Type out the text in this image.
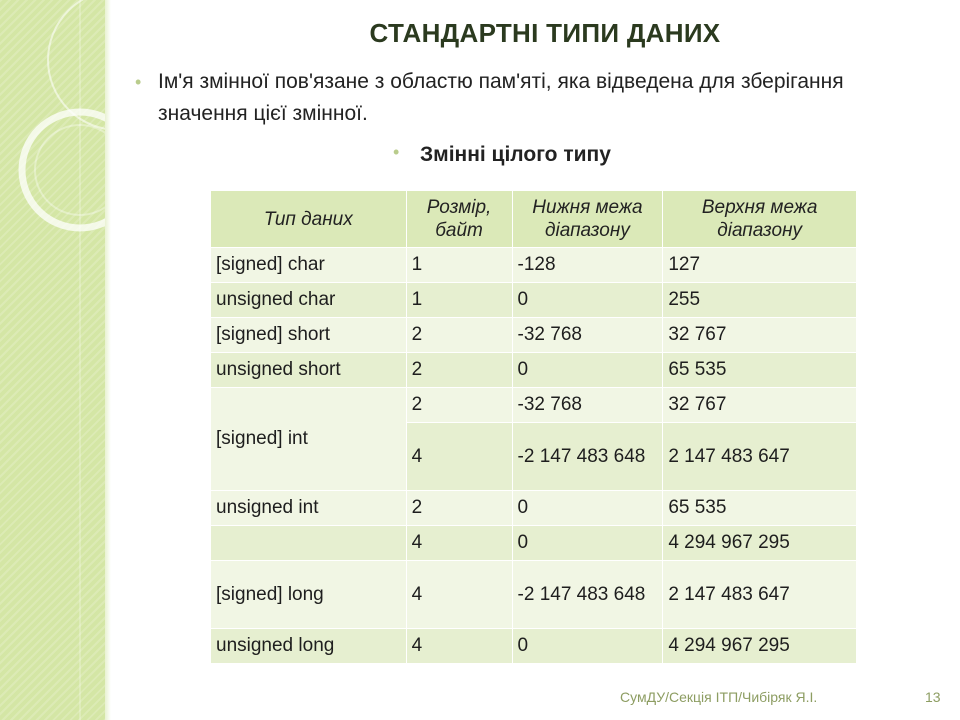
СТАНДАРТНІ ТИПИ ДАНИХ
• Ім'я змінної пов'язане з областю пам'яті, яка відведена для зберігання значення цієї змінної.
• Змінні цілого типу
Тип даних	Розмір, байт	Нижня межа діапазону	Верхня межа діапазону
[signed] char	1	-128	127
unsigned char	1	0	255
[signed] short	2	-32 768	32 767
unsigned short	2	0	65 535
[signed] int	2	-32 768	32 767
	4	-2 147 483 648	2 147 483 647
unsigned int	2	0	65 535
	4	0	4 294 967 295
[signed] long	4	-2 147 483 648	2 147 483 647
unsigned long	4	0	4 294 967 295
СумДУ/Секція ІТП/Чибіряк Я.І.	13
